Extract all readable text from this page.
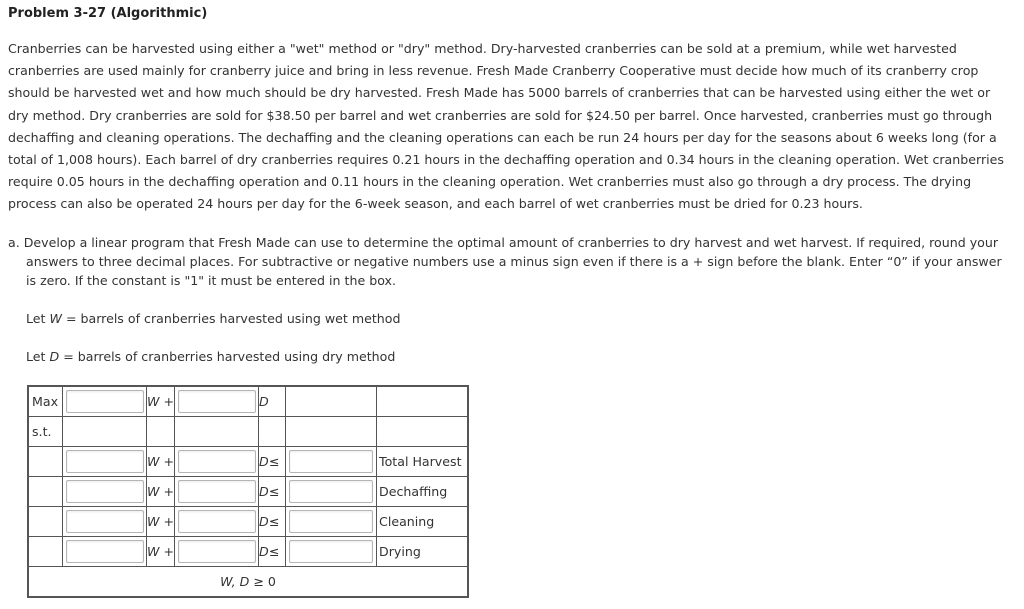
Problem 3-27 (Algorithmic)
Cranberries can be harvested using either a "wet" method or "dry" method. Dry-harvested cranberries can be sold at a premium, while wet harvested
cranberries are used mainly for cranberry juice and bring in less revenue. Fresh Made Cranberry Cooperative must decide how much of its cranberry crop
should be harvested wet and how much should be dry harvested. Fresh Made has 5000 barrels of cranberries that can be harvested using either the wet or
dry method. Dry cranberries are sold for $38.50 per barrel and wet cranberries are sold for $24.50 per barrel. Once harvested, cranberries must go through
dechaffing and cleaning operations. The dechaffing and the cleaning operations can each be run 24 hours per day for the seasons about 6 weeks long (for a
total of 1,008 hours). Each barrel of dry cranberries requires 0.21 hours in the dechaffing operation and 0.34 hours in the cleaning operation. Wet cranberries
require 0.05 hours in the dechaffing operation and 0.11 hours in the cleaning operation. Wet cranberries must also go through a dry process. The drying
process can also be operated 24 hours per day for the 6-week season, and each barrel of wet cranberries must be dried for 0.23 hours.
a. Develop a linear program that Fresh Made can use to determine the optimal amount of cranberries to dry harvest and wet harvest. If required, round your
answers to three decimal places. For subtractive or negative numbers use a minus sign even if there is a + sign before the blank. Enter “0” if your answer
is zero. If the constant is "1" it must be entered in the box.
Let W = barrels of cranberries harvested using wet method
Let D = barrels of cranberries harvested using dry method
Max		W +		D		
s.t.						

	W +		D≤		Total Harvest

	W +		D≤		Dechaffing

	W +		D≤		Cleaning

	W +		D≤		Drying
W, D ≥ 0						
